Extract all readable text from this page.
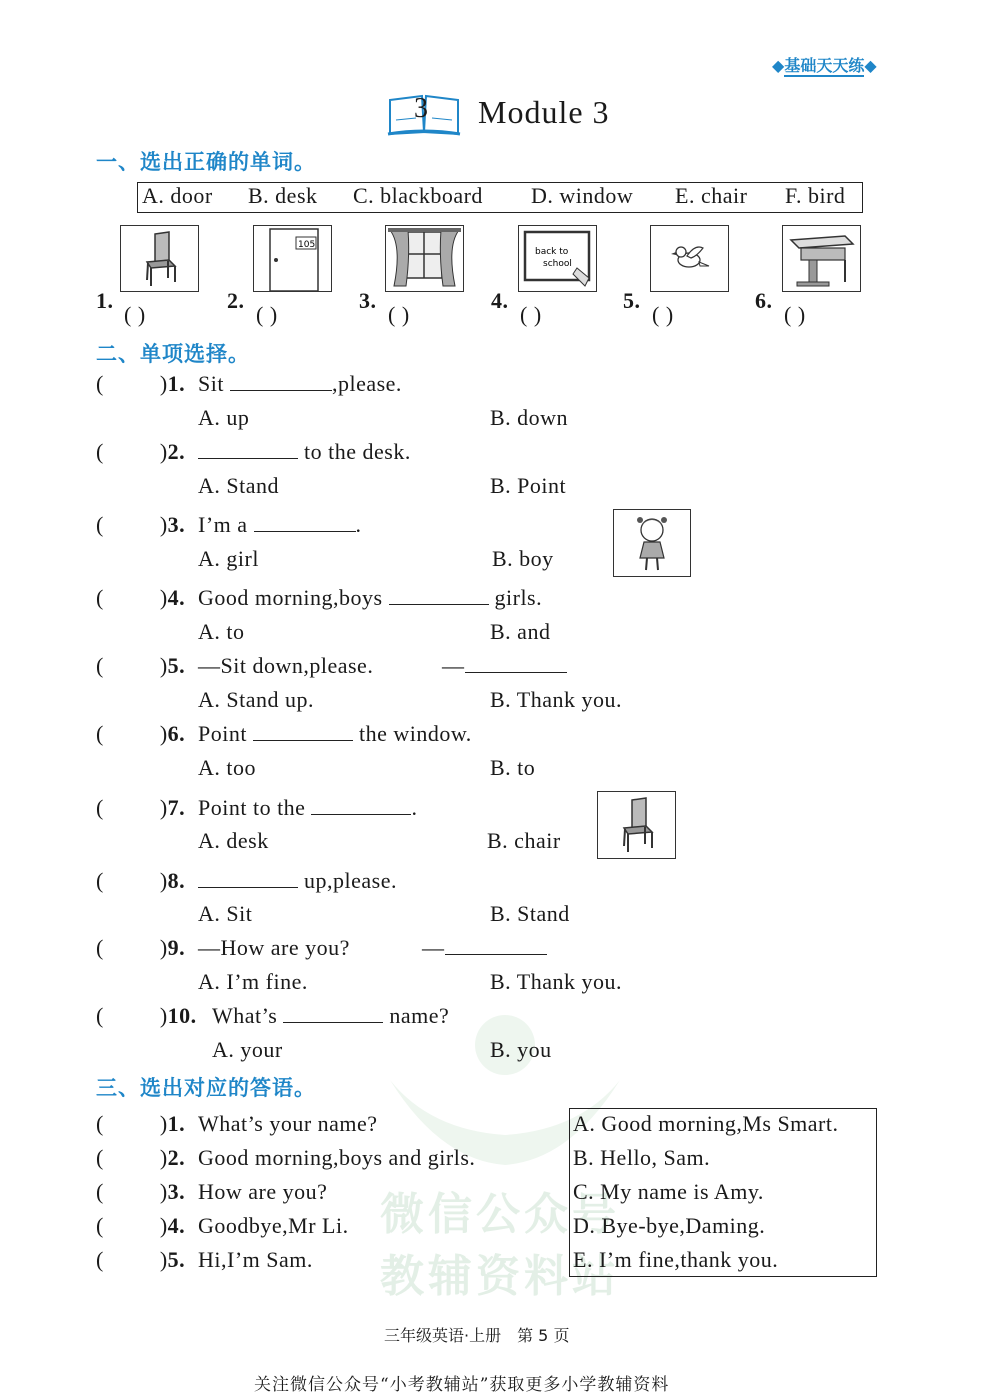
微信公众号
教辅资料站
◆基础天天练◆
3 Module 3
一、选出正确的单词。
A. door B. desk C. blackboard D. window E. chair F. bird
105
back to
school
1.
( )
2.
( )
3.
( )
4.
( )
5.
( )
6.
( )
二、单项选择。
(	)1. Sit	,please.
A. up	B. down
(	)2.	to the desk.
A. Stand	B. Point
(	)3. I’m a	.
A. girl	B. boy
(	)4. Good morning,boys	girls.
A. to	B. and
(	)5. —Sit down,please.	—
A. Stand up.	B. Thank you.
(	)6. Point	the window.
A. too	B. to
(	)7. Point to the	.
A. desk	B. chair
(	)8.	up,please.
A. Sit	B. Stand
(	)9. —How are you?	—
A. I’m fine.	B. Thank you.
(	)10. What’s	name?
A. your	B. you
三、选出对应的答语。
(	)1. What’s your name?
(	)2. Good morning,boys and girls.
(	)3. How are you?
(	)4. Goodbye,Mr Li.
(	)5. Hi,I’m Sam.
A. Good morning,Ms Smart.
B. Hello, Sam.
C. My name is Amy.
D. Bye-bye,Daming.
E. I’m fine,thank you.
三年级英语·上册　第 5 页
关注微信公众号“小考教辅站”获取更多小学教辅资料
